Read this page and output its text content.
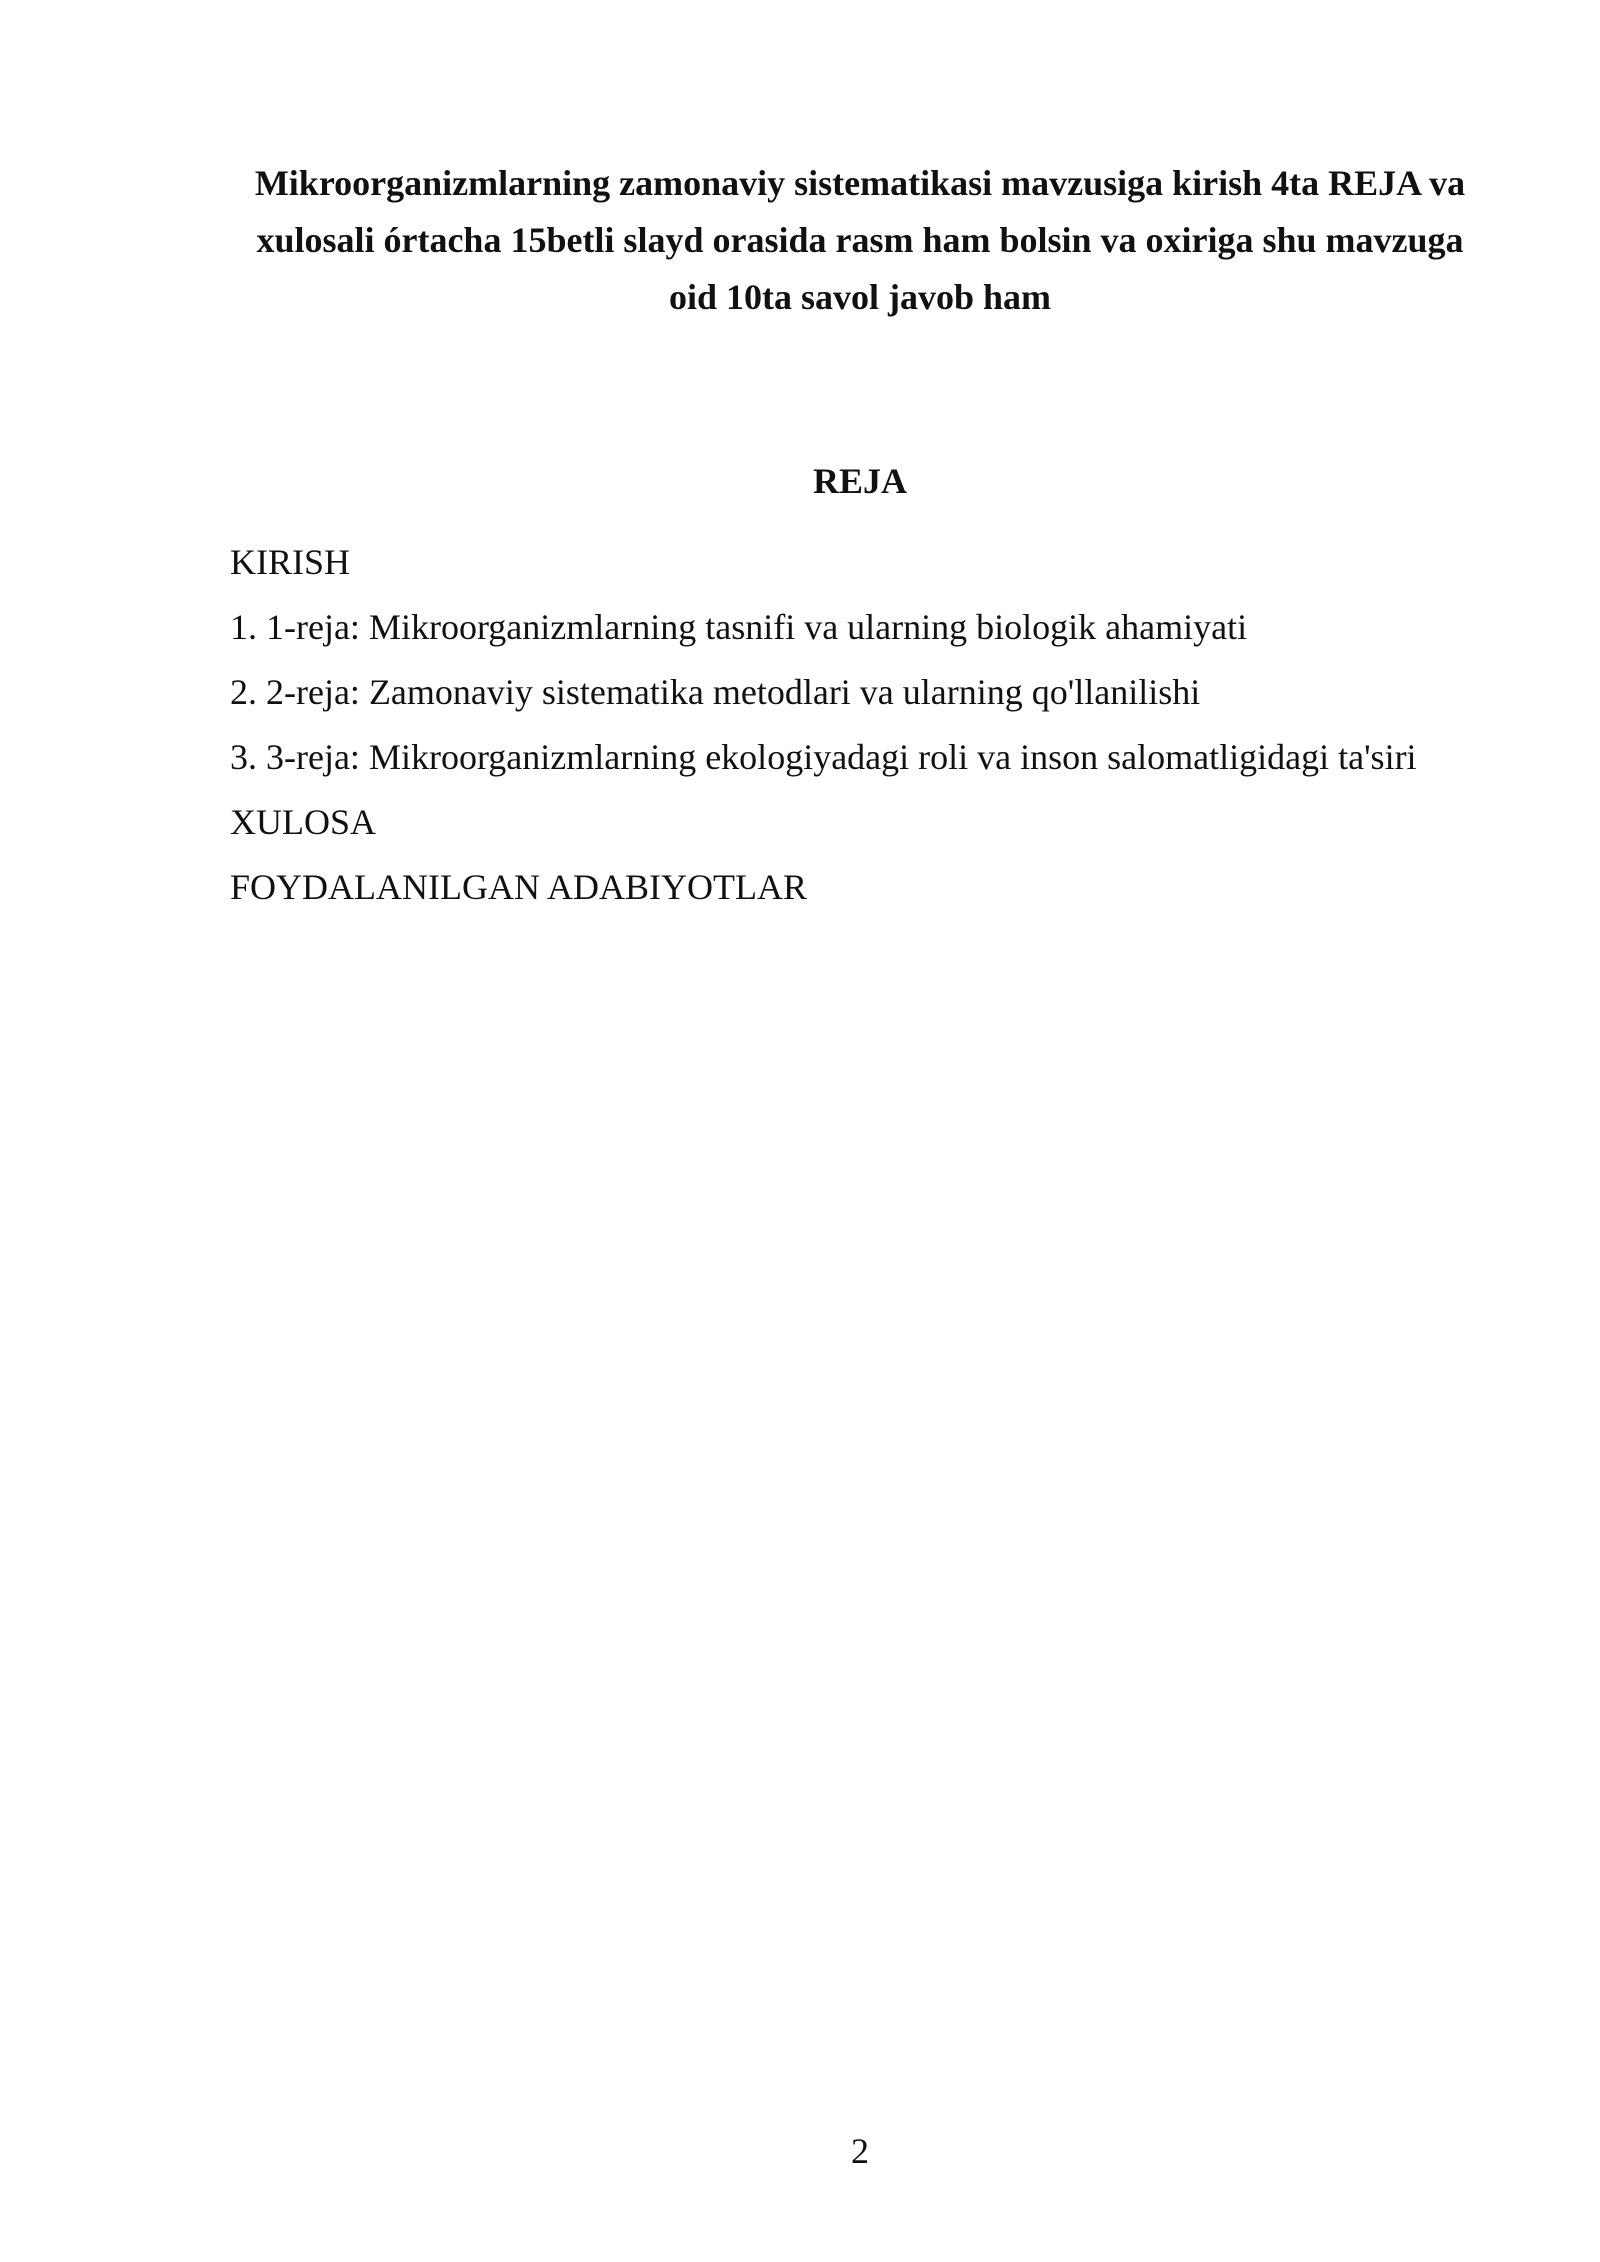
Mikroorganizmlarning zamonaviy sistematikasi mavzusiga kirish 4ta REJA va xulosali órtacha 15betli slayd orasida rasm ham bolsin va oxiriga shu mavzuga oid 10ta savol javob ham
REJA
KIRISH
1. 1-reja: Mikroorganizmlarning tasnifi va ularning biologik ahamiyati
2. 2-reja: Zamonaviy sistematika metodlari va ularning qo'llanilishi
3. 3-reja: Mikroorganizmlarning ekologiyadagi roli va inson salomatligidagi ta'siri
XULOSA
FOYDALANILGAN ADABIYOTLAR
2
